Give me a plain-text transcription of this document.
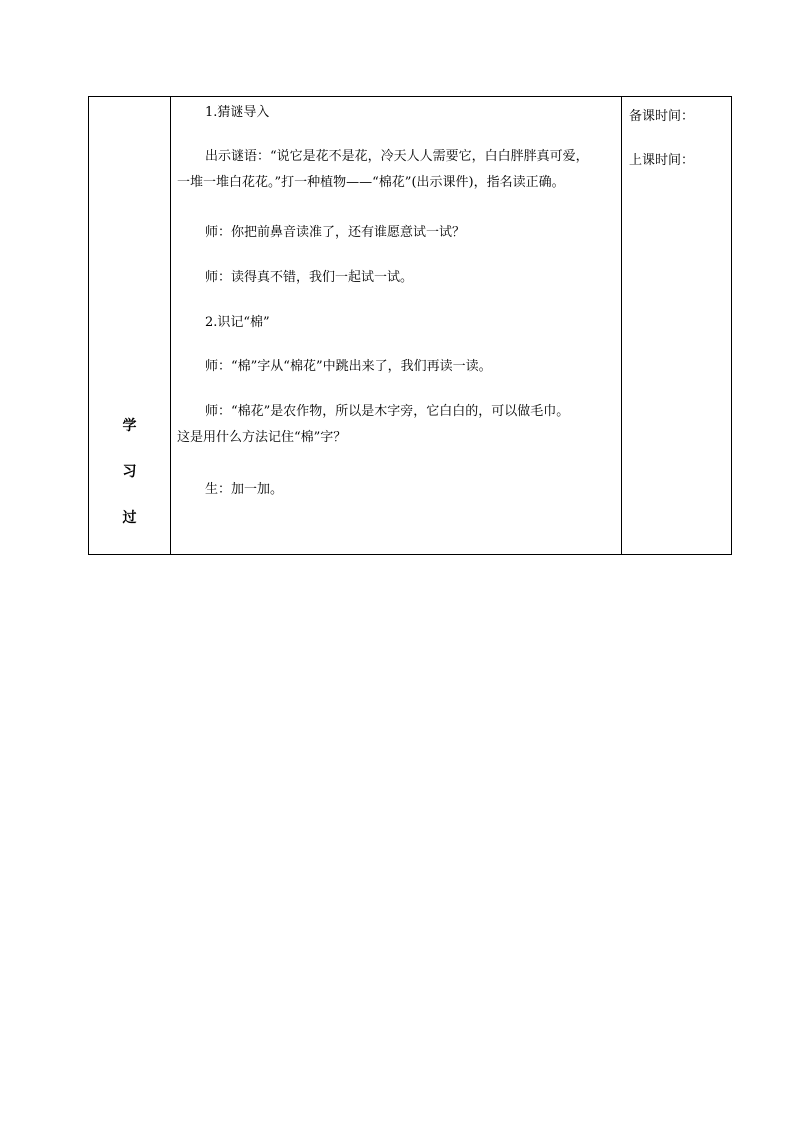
学
习
过
1.猜谜导入
出示谜语：“说它是花不是花，冷天人人需要它，白白胖胖真可爱，
一堆一堆白花花。”打一种植物——“棉花”(出示课件)，指名读正确。
师：你把前鼻音读准了，还有谁愿意试一试？
师：读得真不错，我们一起试一试。
2.识记“棉”
师：“棉”字从“棉花”中跳出来了，我们再读一读。
师：“棉花”是农作物，所以是木字旁，它白白的，可以做毛巾。
这是用什么方法记住“棉”字？
生：加一加。
备课时间：
上课时间：
